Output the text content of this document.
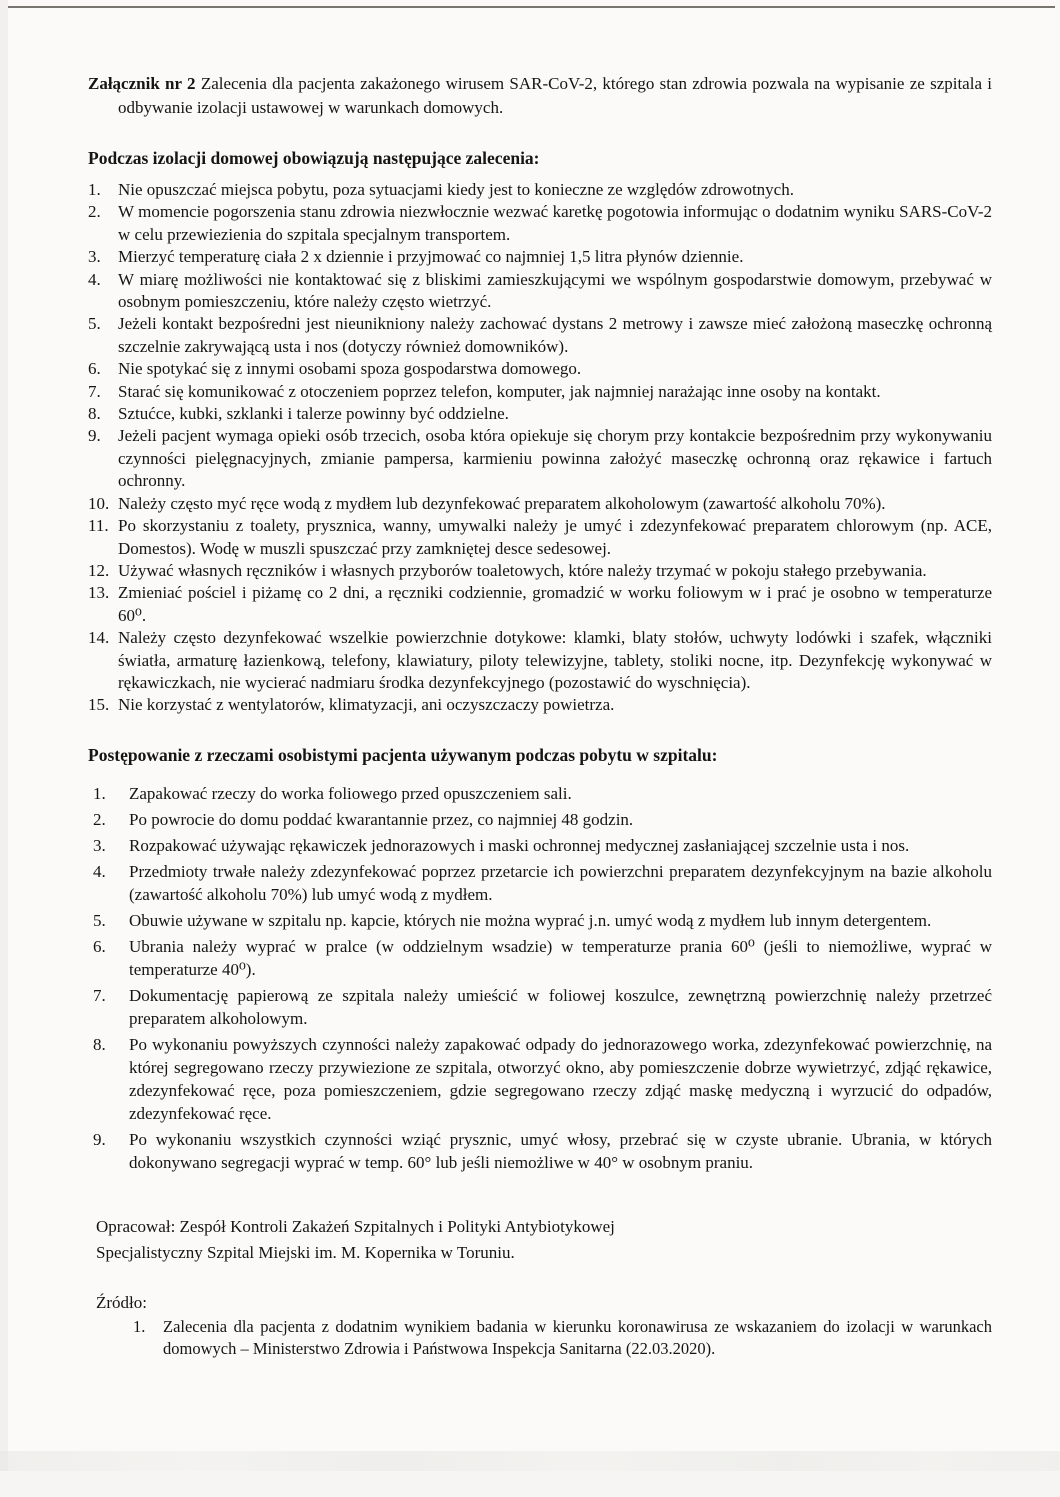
Załącznik nr 2 Zalecenia dla pacjenta zakażonego wirusem SAR-CoV-2, którego stan zdrowia pozwala na wypisanie ze szpitala i odbywanie izolacji ustawowej w warunkach domowych.

Podczas izolacji domowej obowiązują następujące zalecenia:
Nie opuszczać miejsca pobytu, poza sytuacjami kiedy jest to konieczne ze względów zdrowotnych.
W momencie pogorszenia stanu zdrowia niezwłocznie wezwać karetkę pogotowia informując o dodatnim wyniku SARS-CoV-2 w celu przewiezienia do szpitala specjalnym transportem.
Mierzyć temperaturę ciała 2 x dziennie i przyjmować co najmniej 1,5 litra płynów dziennie.
W miarę możliwości nie kontaktować się z bliskimi zamieszkującymi we wspólnym gospodarstwie domowym, przebywać w osobnym pomieszczeniu, które należy często wietrzyć.
Jeżeli kontakt bezpośredni jest nieunikniony należy zachować dystans 2 metrowy i zawsze mieć założoną maseczkę ochronną szczelnie zakrywającą usta i nos (dotyczy również domowników).
Nie spotykać się z innymi osobami spoza gospodarstwa domowego.
Starać się komunikować z otoczeniem poprzez telefon, komputer, jak najmniej narażając inne osoby na kontakt.
Sztućce, kubki, szklanki i talerze powinny być oddzielne.
Jeżeli pacjent wymaga opieki osób trzecich, osoba która opiekuje się chorym przy kontakcie bezpośrednim przy wykonywaniu czynności pielęgnacyjnych, zmianie pampersa, karmieniu powinna założyć maseczkę ochronną oraz rękawice i fartuch ochronny.
Należy często myć ręce wodą z mydłem lub dezynfekować preparatem alkoholowym (zawartość alkoholu 70%).
Po skorzystaniu z toalety, prysznica, wanny, umywalki należy je umyć i zdezynfekować preparatem chlorowym (np. ACE, Domestos). Wodę w muszli spuszczać przy zamkniętej desce sedesowej.
Używać własnych ręczników i własnych przyborów toaletowych, które należy trzymać w pokoju stałego przebywania.
Zmieniać pościel i piżamę co 2 dni, a ręczniki codziennie, gromadzić w worku foliowym w i prać je osobno w temperaturze 60⁰.
Należy często dezynfekować wszelkie powierzchnie dotykowe: klamki, blaty stołów, uchwyty lodówki i szafek, włączniki światła, armaturę łazienkową, telefony, klawiatury, piloty telewizyjne, tablety, stoliki nocne, itp. Dezynfekcję wykonywać w rękawiczkach, nie wycierać nadmiaru środka dezynfekcyjnego (pozostawić do wyschnięcia).
Nie korzystać z wentylatorów, klimatyzacji, ani oczyszczaczy powietrza.
Postępowanie z rzeczami osobistymi pacjenta używanym podczas pobytu w szpitalu:
Zapakować rzeczy do worka foliowego przed opuszczeniem sali.
Po powrocie do domu poddać kwarantannie przez, co najmniej 48 godzin.
Rozpakować używając rękawiczek jednorazowych i maski ochronnej medycznej zasłaniającej szczelnie usta i nos.
Przedmioty trwałe należy zdezynfekować poprzez przetarcie ich powierzchni preparatem dezynfekcyjnym na bazie alkoholu (zawartość alkoholu 70%) lub umyć wodą z mydłem.
Obuwie używane w szpitalu np. kapcie, których nie można wyprać j.n. umyć wodą z mydłem lub innym detergentem.
Ubrania należy wyprać w pralce (w oddzielnym wsadzie) w temperaturze prania 60⁰ (jeśli to niemożliwe, wyprać w temperaturze 40⁰).
Dokumentację papierową ze szpitala należy umieścić w foliowej koszulce, zewnętrzną powierzchnię należy przetrzeć preparatem alkoholowym.
Po wykonaniu powyższych czynności należy zapakować odpady do jednorazowego worka, zdezynfekować powierzchnię, na której segregowano rzeczy przywiezione ze szpitala, otworzyć okno, aby pomieszczenie dobrze wywietrzyć, zdjąć rękawice, zdezynfekować ręce, poza pomieszczeniem, gdzie segregowano rzeczy zdjąć maskę medyczną i wyrzucić do odpadów, zdezynfekować ręce.
Po wykonaniu wszystkich czynności wziąć prysznic, umyć włosy, przebrać się w czyste ubranie. Ubrania, w których dokonywano segregacji wyprać w temp. 60° lub jeśli niemożliwe w 40° w osobnym praniu.

Opracował: Zespół Kontroli Zakażeń Szpitalnych i Polityki Antybiotykowej

Specjalistyczny Szpital Miejski im. M. Kopernika w Toruniu.

Źródło:

Zalecenia dla pacjenta z dodatnim wynikiem badania w kierunku koronawirusa ze wskazaniem do izolacji w warunkach domowych – Ministerstwo Zdrowia i Państwowa Inspekcja Sanitarna (22.03.2020).
